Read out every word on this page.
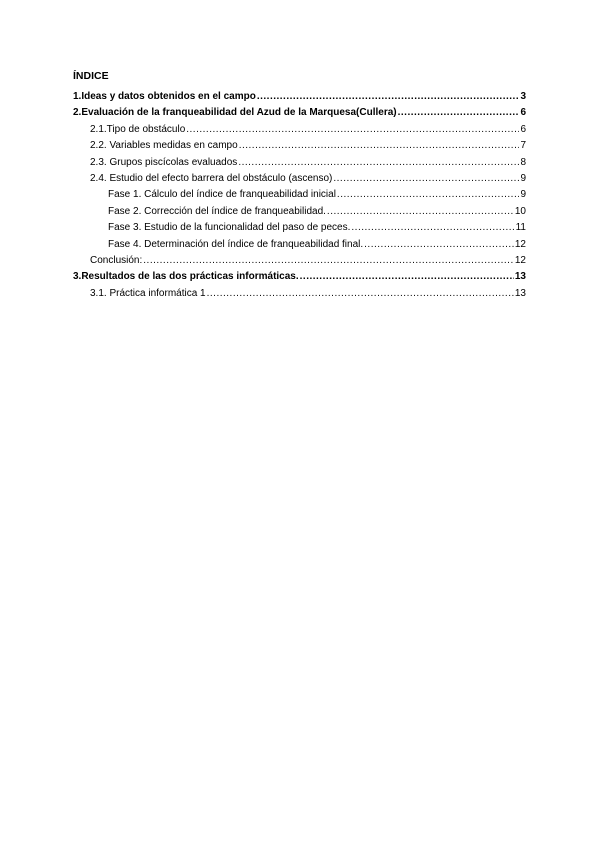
ÍNDICE
1.Ideas y datos obtenidos en el campo .....	3
2.Evaluación de la franqueabilidad del Azud de la Marquesa(Cullera) .....	6
2.1.Tipo de obstáculo .....	6
2.2. Variables medidas en campo .....	7
2.3. Grupos piscícolas evaluados .....	8
2.4. Estudio del efecto barrera del obstáculo (ascenso) .....	9
Fase 1. Cálculo del índice de franqueabilidad inicial .....	9
Fase 2. Corrección del índice de franqueabilidad. .....	10
Fase 3. Estudio de la funcionalidad del paso de peces. .....	11
Fase 4. Determinación del índice de franqueabilidad final. .....	12
Conclusión: .....	12
3.Resultados de las dos prácticas informáticas. .....	13
3.1. Práctica informática 1 .....	13
